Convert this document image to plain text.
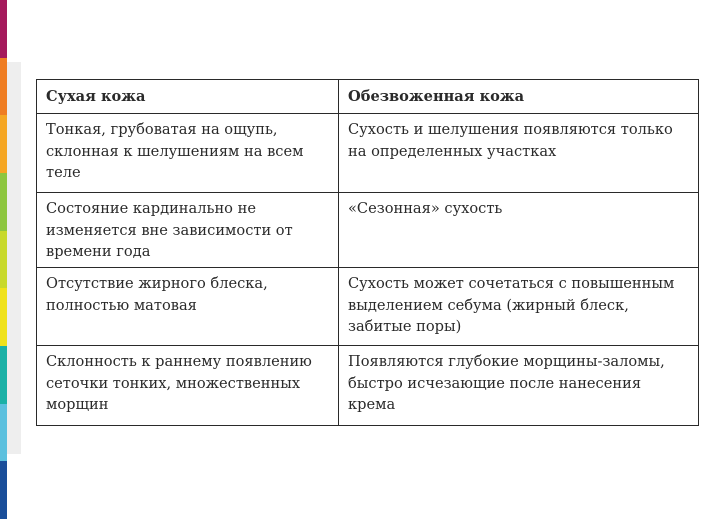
Сухая кожа	Обезвоженная кожа
Тонкая, грубоватая на ощупь, склонная к шелушениям на всем теле	Сухость и шелушения появляются только на определенных участках
Состояние кардинально не изменяется вне зависимости от времени года	«Сезонная» сухость
Отсутствие жирного блеска, полностью матовая	Сухость может сочетаться с повышенным выделением себума (жирный блеск, забитые поры)
Склонность к раннему появлению сеточки тонких, множественных морщин	Появляются глубокие морщины-заломы, быстро исчезающие после нанесения крема
